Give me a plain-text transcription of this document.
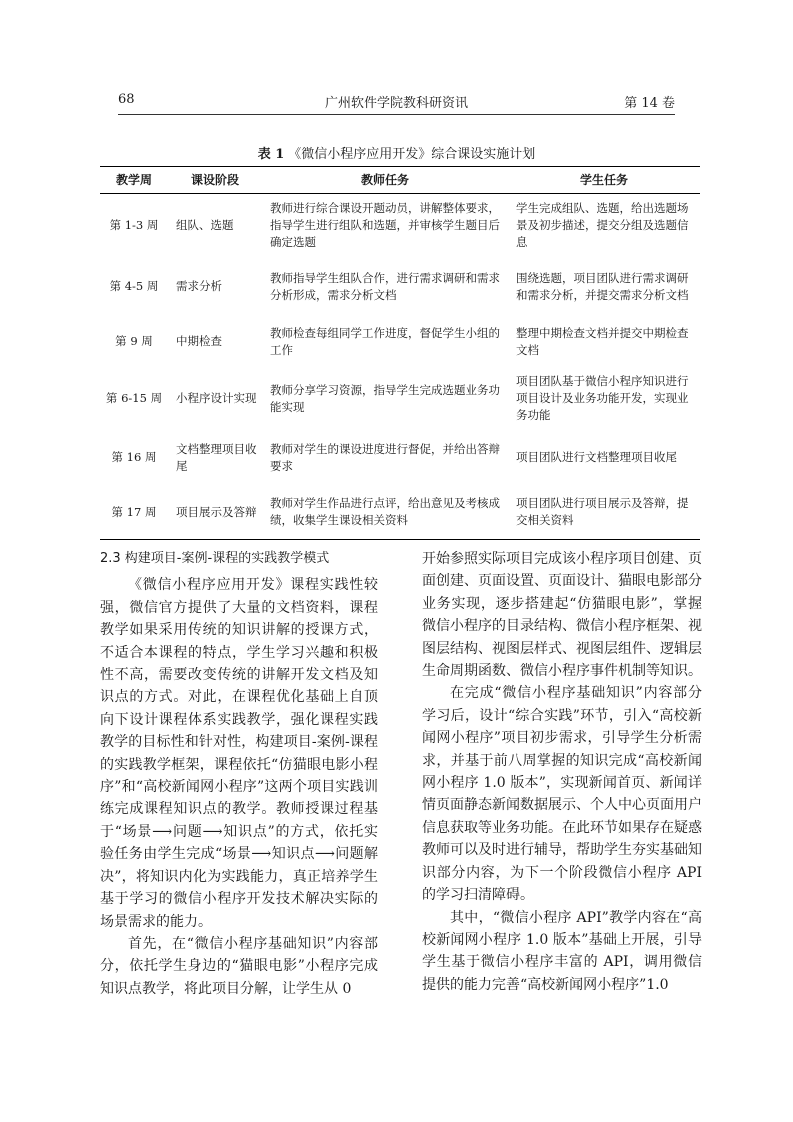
68	广州软件学院教科研资讯	第 14 卷
表 1 《微信小程序应用开发》综合课设实施计划
教学周	课设阶段	教师任务	学生任务
第 1-3 周	组队、选题	教师进行综合课设开题动员，讲解整体要求，指导学生进行组队和选题，并审核学生题目后确定选题	学生完成组队、选题，给出选题场景及初步描述，提交分组及选题信息
第 4-5 周	需求分析	教师指导学生组队合作，进行需求调研和需求分析形成，需求分析文档	围绕选题，项目团队进行需求调研和需求分析，并提交需求分析文档
第 9 周	中期检查	教师检查每组同学工作进度，督促学生小组的工作	整理中期检查文档并提交中期检查文档
第 6-15 周	小程序设计实现	教师分享学习资源，指导学生完成选题业务功能实现	项目团队基于微信小程序知识进行项目设计及业务功能开发，实现业务功能
第 16 周	文档整理项目收尾	教师对学生的课设进度进行督促，并给出答辩要求	项目团队进行文档整理项目收尾
第 17 周	项目展示及答辩	教师对学生作品进行点评，给出意见及考核成绩，收集学生课设相关资料	项目团队进行项目展示及答辩，提交相关资料

2.3 构建项目-案例-课程的实践教学模式

《微信小程序应用开发》课程实践性较强，微信官方提供了大量的文档资料，课程教学如果采用传统的知识讲解的授课方式，不适合本课程的特点，学生学习兴趣和积极性不高，需要改变传统的讲解开发文档及知识点的方式。对此，在课程优化基础上自顶向下设计课程体系实践教学，强化课程实践教学的目标性和针对性，构建项目-案例-课程的实践教学框架，课程依托“仿猫眼电影小程序”和“高校新闻网小程序”这两个项目实践训练完成课程知识点的教学。教师授课过程基于“场景⟶问题⟶知识点”的方式，依托实验任务由学生完成“场景⟶知识点⟶问题解决”，将知识内化为实践能力，真正培养学生基于学习的微信小程序开发技术解决实际的场景需求的能力。

首先，在“微信小程序基础知识”内容部分，依托学生身边的“猫眼电影”小程序完成知识点教学，将此项目分解，让学生从 0

开始参照实际项目完成该小程序项目创建、页面创建、页面设置、页面设计、猫眼电影部分业务实现，逐步搭建起“仿猫眼电影”，掌握微信小程序的目录结构、微信小程序框架、视图层结构、视图层样式、视图层组件、逻辑层生命周期函数、微信小程序事件机制等知识。

在完成“微信小程序基础知识”内容部分学习后，设计“综合实践”环节，引入“高校新闻网小程序”项目初步需求，引导学生分析需求，并基于前八周掌握的知识完成“高校新闻网小程序 1.0 版本”，实现新闻首页、新闻详情页面静态新闻数据展示、个人中心页面用户信息获取等业务功能。在此环节如果存在疑惑教师可以及时进行辅导，帮助学生夯实基础知识部分内容，为下一个阶段微信小程序 API 的学习扫清障碍。

其中，“微信小程序 API”教学内容在“高校新闻网小程序 1.0 版本”基础上开展，引导学生基于微信小程序丰富的 API，调用微信提供的能力完善“高校新闻网小程序”1.0
